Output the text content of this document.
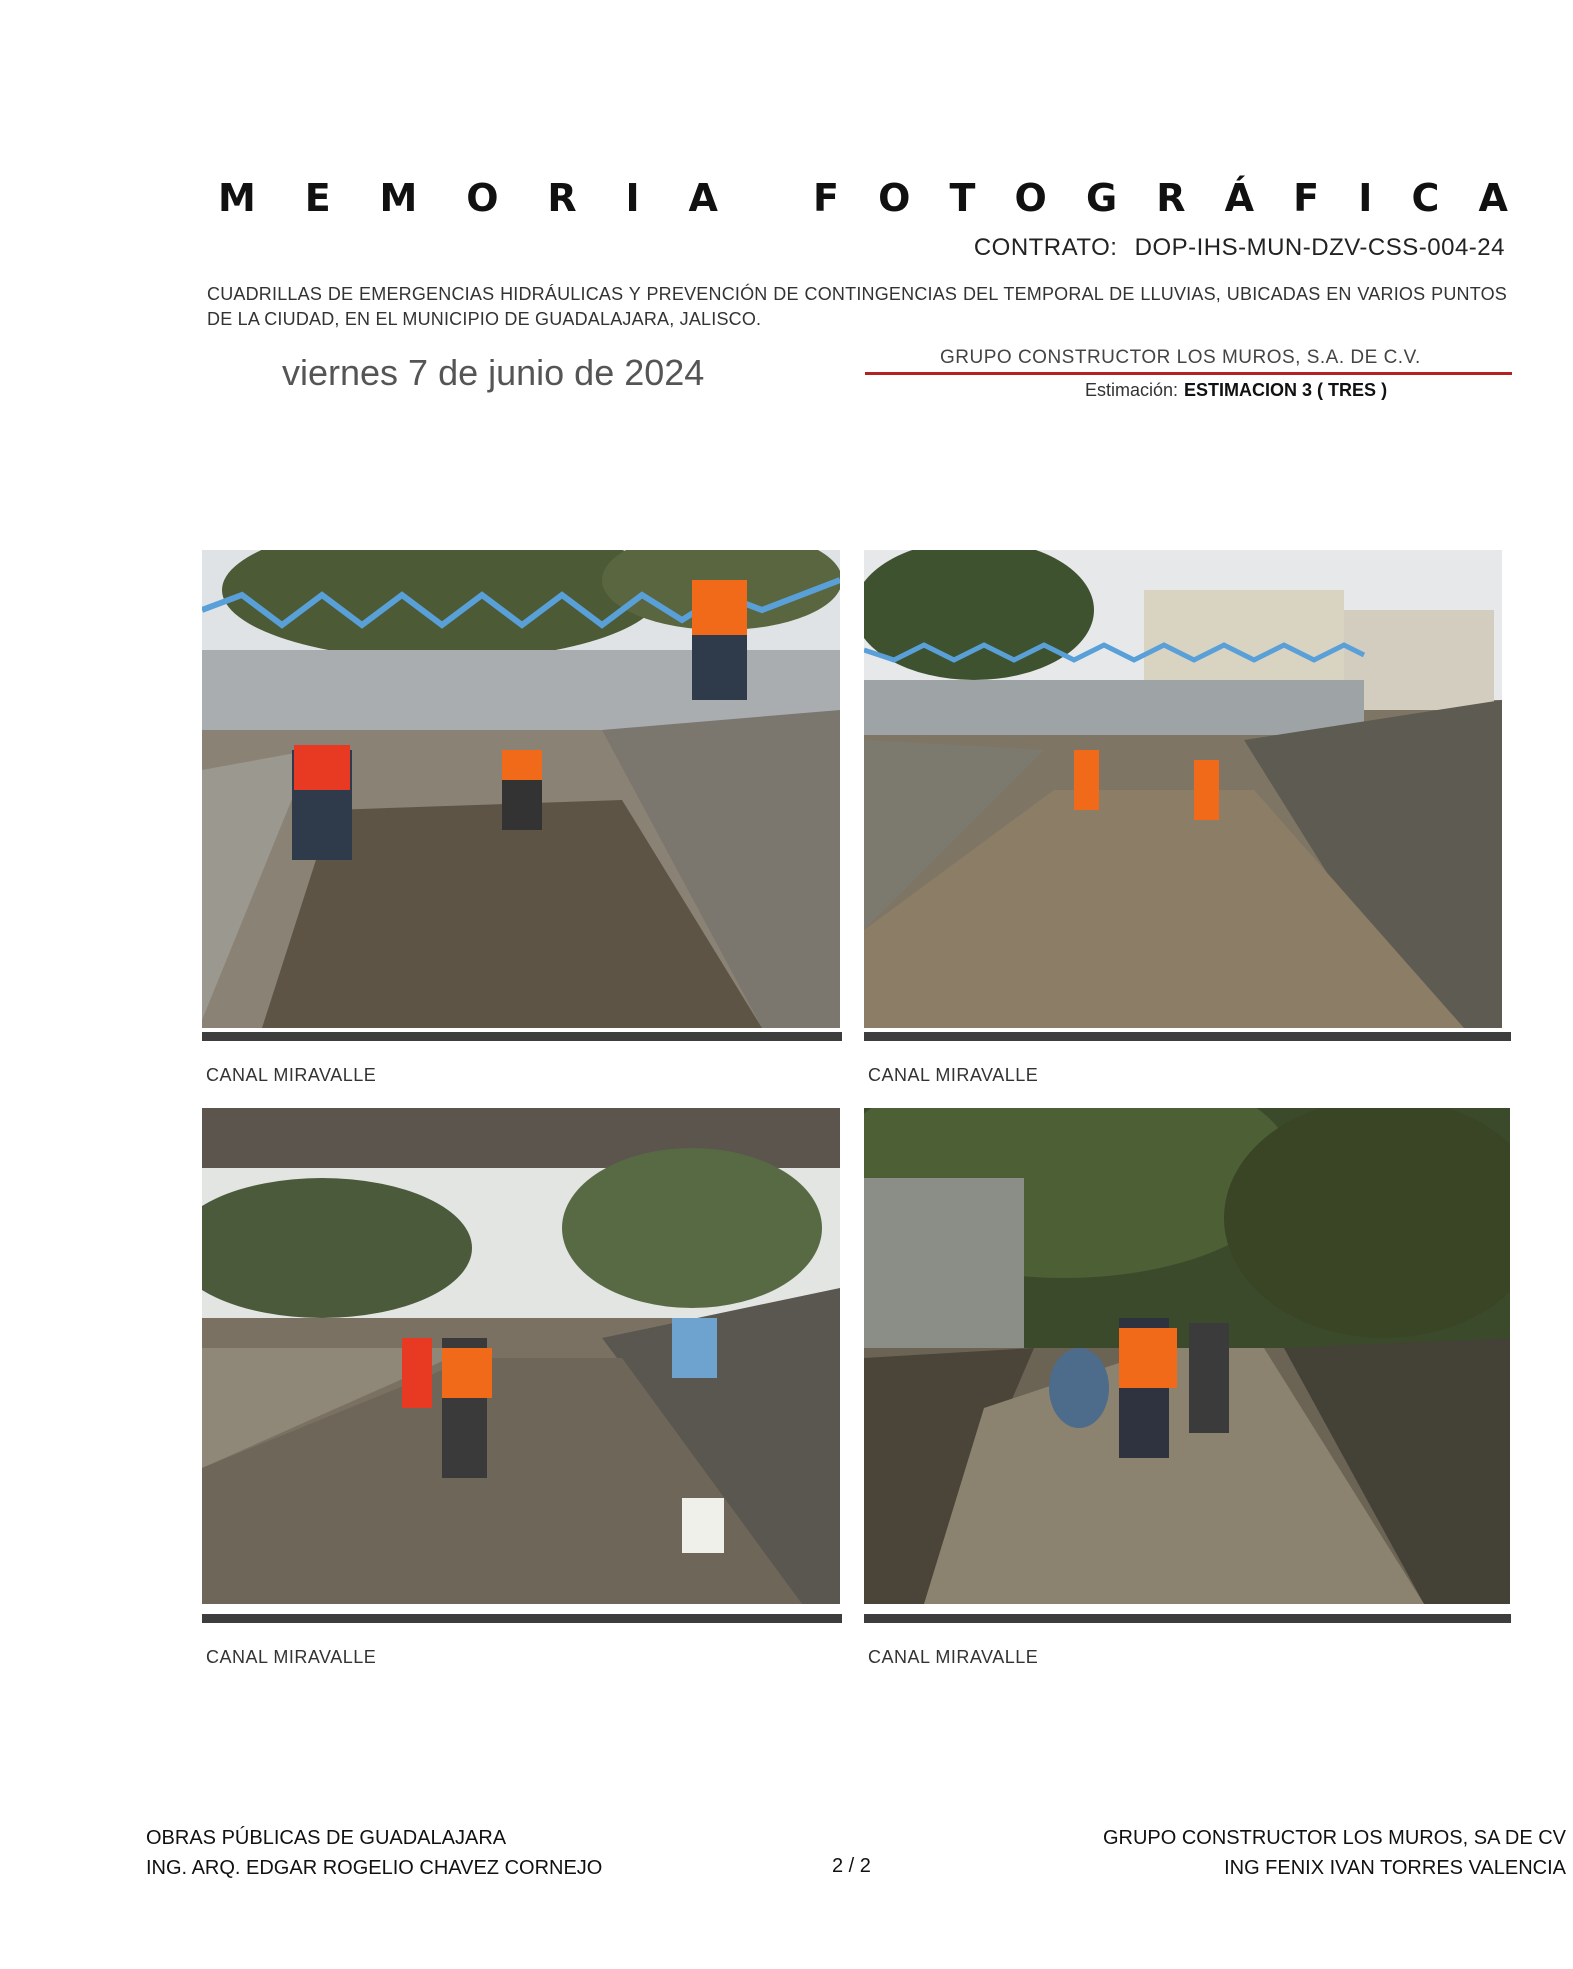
M E M O R I A	F O T O G R Á F I C A
CONTRATO: DOP-IHS-MUN-DZV-CSS-004-24
CUADRILLAS DE EMERGENCIAS HIDRÁULICAS Y PREVENCIÓN DE CONTINGENCIAS DEL TEMPORAL DE LLUVIAS, UBICADAS EN VARIOS PUNTOS DE LA CIUDAD, EN EL MUNICIPIO DE GUADALAJARA, JALISCO.
viernes 7 de junio de 2024	GRUPO CONSTRUCTOR LOS MUROS, S.A. DE C.V.
Estimación: ESTIMACION 3 ( TRES )
CANAL MIRAVALLE	CANAL MIRAVALLE
CANAL MIRAVALLE	CANAL MIRAVALLE
OBRAS PÚBLICAS DE GUADALAJARA
ING. ARQ. EDGAR ROGELIO CHAVEZ CORNEJO	2 / 2
GRUPO CONSTRUCTOR LOS MUROS, SA DE CV
ING FENIX IVAN TORRES VALENCIA
